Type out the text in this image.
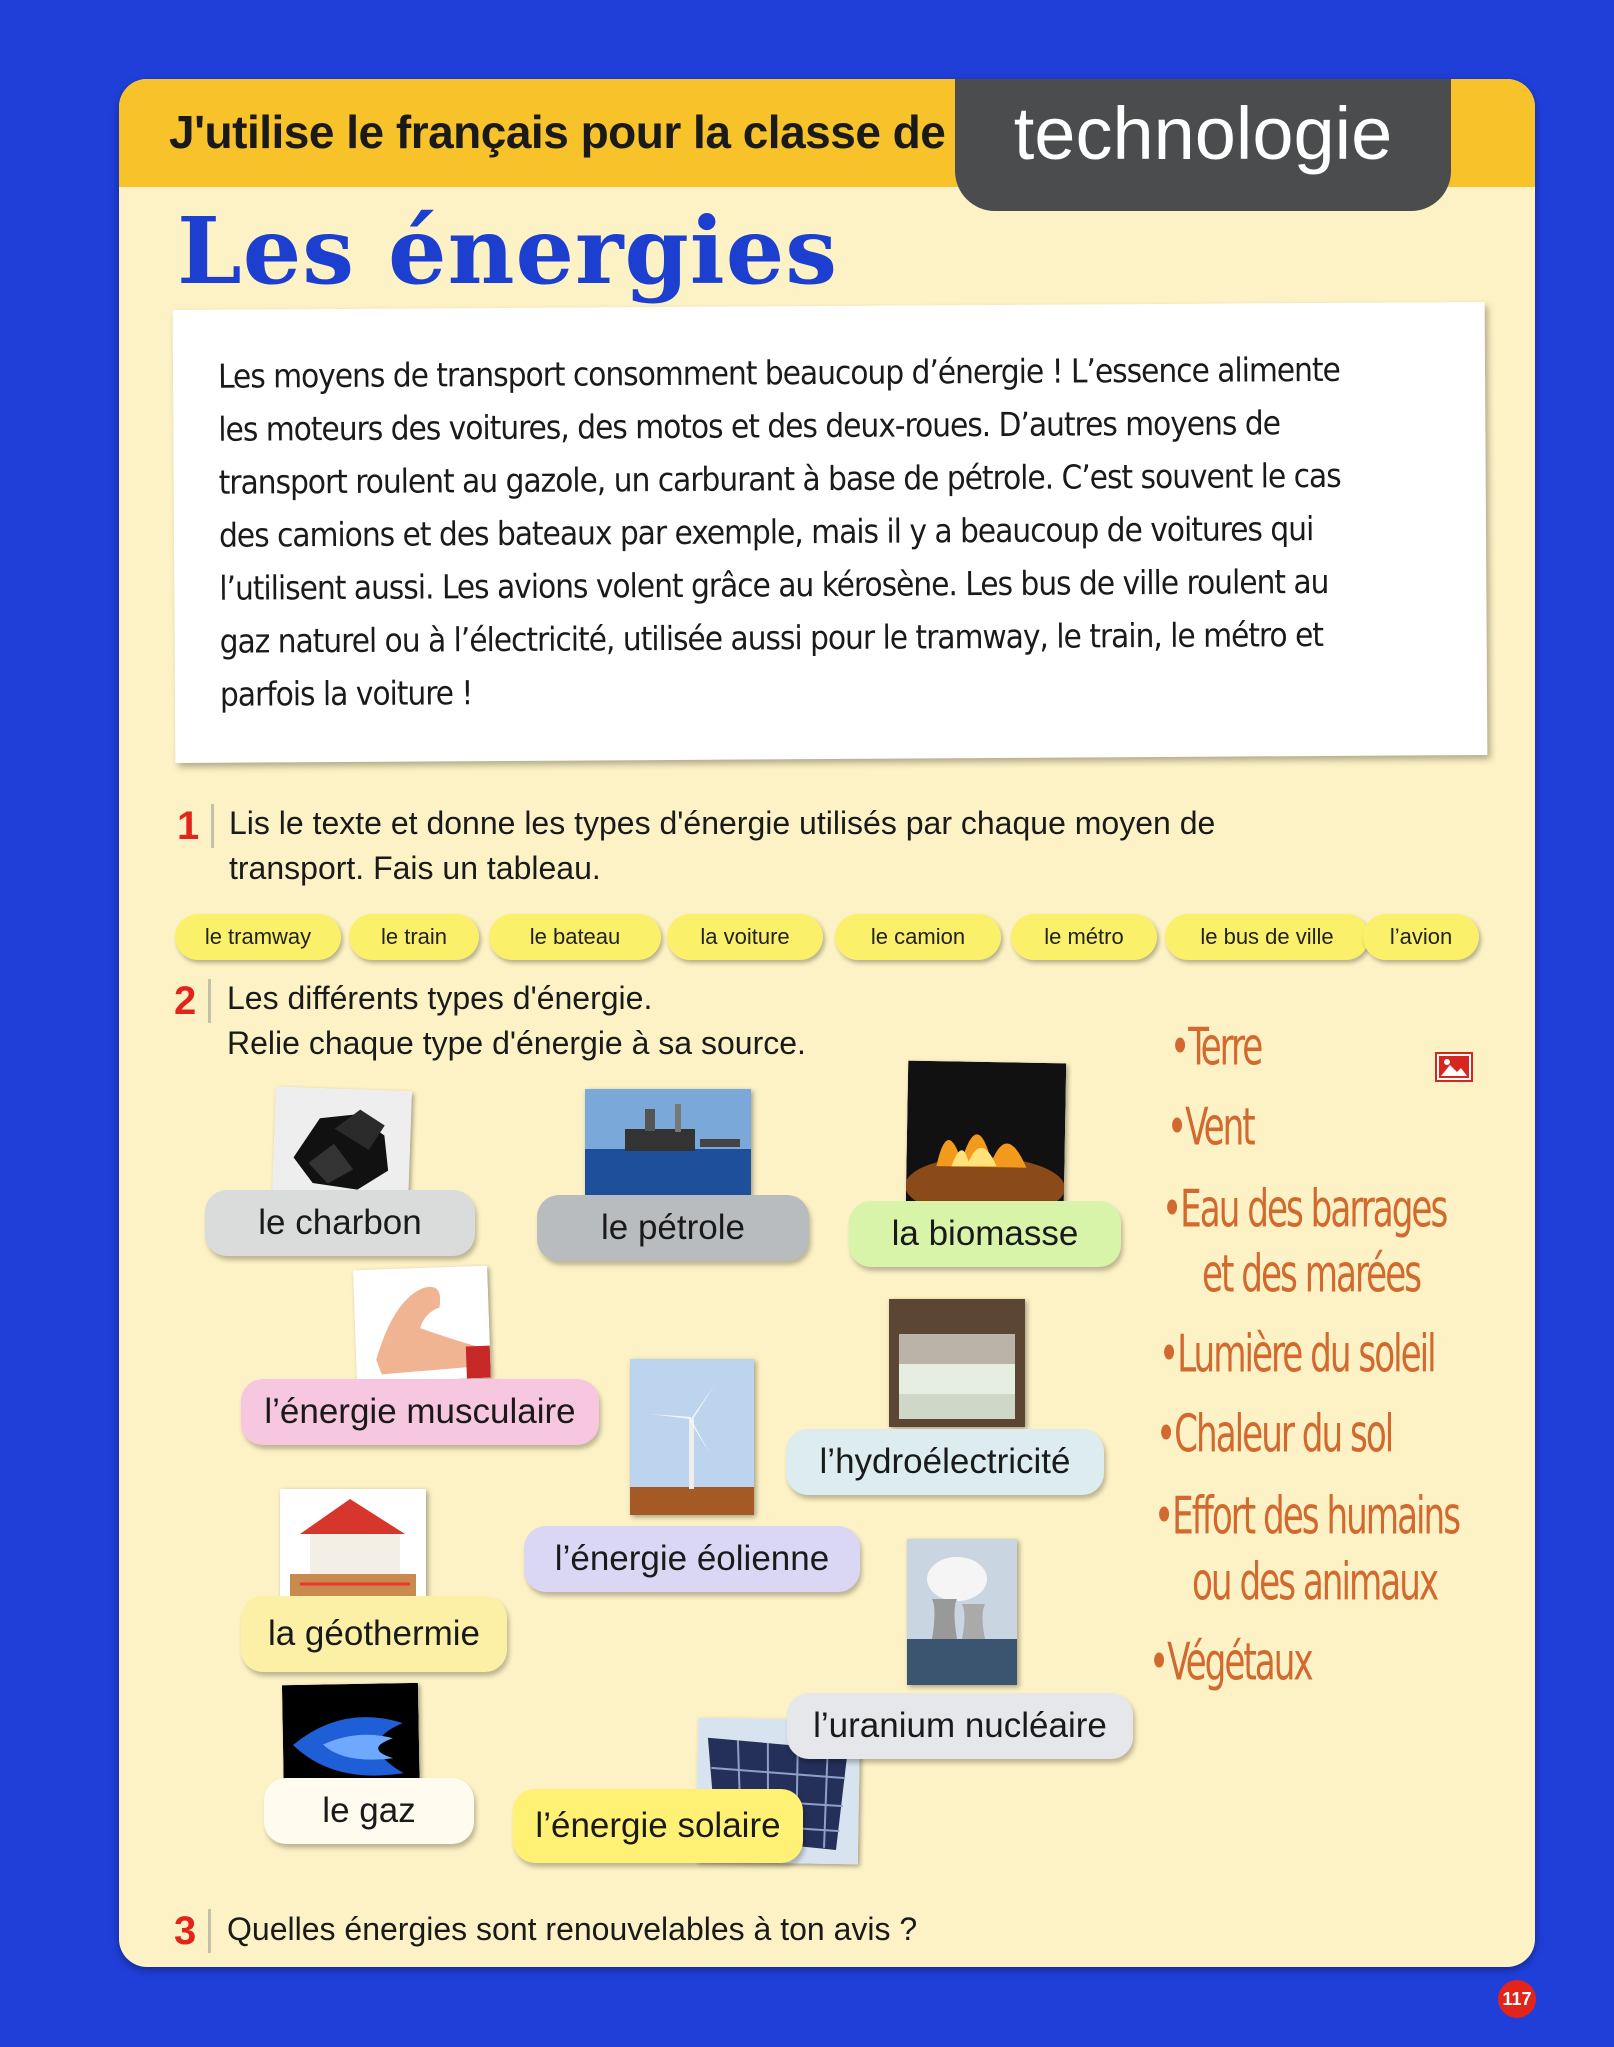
J'utilise le français pour la classe de technologie
Les énergies

Les moyens de transport consomment beaucoup d’énergie ! L’essence alimente les moteurs des voitures, des motos et des deux-roues. D’autres moyens de transport roulent au gazole, un carburant à base de pétrole. C’est souvent le cas des camions et des bateaux par exemple, mais il y a beaucoup de voitures qui l’utilisent aussi. Les avions volent grâce au kérosène. Les bus de ville roulent au gaz naturel ou à l’électricité, utilisée aussi pour le tramway, le train, le métro et parfois la voiture !

1 Lis le texte et donne les types d'énergie utilisés par chaque moyen de transport. Fais un tableau.
le tramway	le train	le bateau	la voiture	le camion	le métro	le bus de ville	l’avion
2 Les différents types d'énergie.
Relie chaque type d'énergie à sa source.
le charbon	le pétrole	la biomasse
l’énergie musculaire
l’hydroélectricité
l’énergie éolienne
la géothermie
l’uranium nucléaire
le gaz	l’énergie solaire
•Terre
•Vent
•Eau des barrages
et des marées
•Lumière du soleil
•Chaleur du sol
•Effort des humains
ou des animaux
•Végétaux
3 Quelles énergies sont renouvelables à ton avis ?
117
